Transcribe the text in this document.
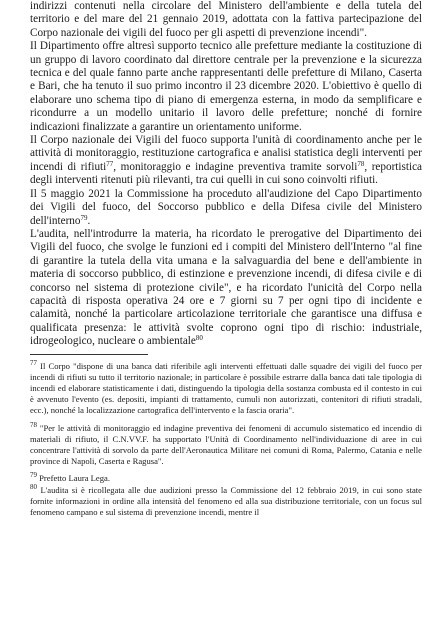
indirizzi contenuti nella circolare del Ministero dell'ambiente e della tutela del territorio e del mare del 21 gennaio 2019, adottata con la fattiva partecipazione del Corpo nazionale dei vigili del fuoco per gli aspetti di prevenzione incendi".

Il Dipartimento offre altresì supporto tecnico alle prefetture mediante la costituzione di un gruppo di lavoro coordinato dal direttore centrale per la prevenzione e la sicurezza tecnica e del quale fanno parte anche rappresentanti delle prefetture di Milano, Caserta e Bari, che ha tenuto il suo primo incontro il 23 dicembre 2020. L'obiettivo è quello di elaborare uno schema tipo di piano di emergenza esterna, in modo da semplificare e ricondurre a un modello unitario il lavoro delle prefetture; nonché di fornire indicazioni finalizzate a garantire un orientamento uniforme.

Il Corpo nazionale dei Vigili del fuoco supporta l'unità di coordinamento anche per le attività di monitoraggio, restituzione cartografica e analisi statistica degli interventi per incendi di rifiuti$^{77}$, monitoraggio e indagine preventiva tramite sorvoli$^{78}$, reportistica degli interventi ritenuti più rilevanti, tra cui quelli in cui sono coinvolti rifiuti.

Il 5 maggio 2021 la Commissione ha proceduto all'audizione del Capo Dipartimento dei Vigili del fuoco, del Soccorso pubblico e della Difesa civile del Ministero dell'interno$^{79}$.

L'audita, nell'introdurre la materia, ha ricordato le prerogative del Dipartimento dei Vigili del fuoco, che svolge le funzioni ed i compiti del Ministero dell'Interno "al fine di garantire la tutela della vita umana e la salvaguardia del bene e dell'ambiente in materia di soccorso pubblico, di estinzione e prevenzione incendi, di difesa civile e di concorso nel sistema di protezione civile", e ha ricordato l'unicità del Corpo nella capacità di risposta operativa 24 ore e 7 giorni su 7 per ogni tipo di incidente e calamità, nonché la particolare articolazione territoriale che garantisce una diffusa e qualificata presenza: le attività svolte coprono ogni tipo di rischio: industriale, idrogeologico, nucleare o ambientale$^{80}$

$^{77}$ Il Corpo "dispone di una banca dati riferibile agli interventi effettuati dalle squadre dei vigili del fuoco per incendi di rifiuti su tutto il territorio nazionale; in particolare è possibile estrarre dalla banca dati tale tipologia di incendi ed elaborare statisticamente i dati, distinguendo la tipologia della sostanza combusta ed il contesto in cui è avvenuto l'evento (es. depositi, impianti di trattamento, cumuli non autorizzati, contenitori di rifiuti stradali, ecc.), nonché la localizzazione cartografica dell'intervento e la fascia oraria".

$^{78}$ "Per le attività di monitoraggio ed indagine preventiva dei fenomeni di accumulo sistematico ed incendio di materiali di rifiuto, il C.N.VV.F. ha supportato l'Unità di Coordinamento nell'individuazione di aree in cui concentrare l'attività di sorvolo da parte dell'Aeronautica Militare nei comuni di Roma, Palermo, Catania e nelle province di Napoli, Caserta e Ragusa".

$^{79}$ Prefetto Laura Lega.

$^{80}$ L'audita si è ricollegata alle due audizioni presso la Commissione del 12 febbraio 2019, in cui sono state fornite informazioni in ordine alla intensità del fenomeno ed alla sua distribuzione territoriale, con un focus sul fenomeno campano e sul sistema di prevenzione incendi, mentre il
